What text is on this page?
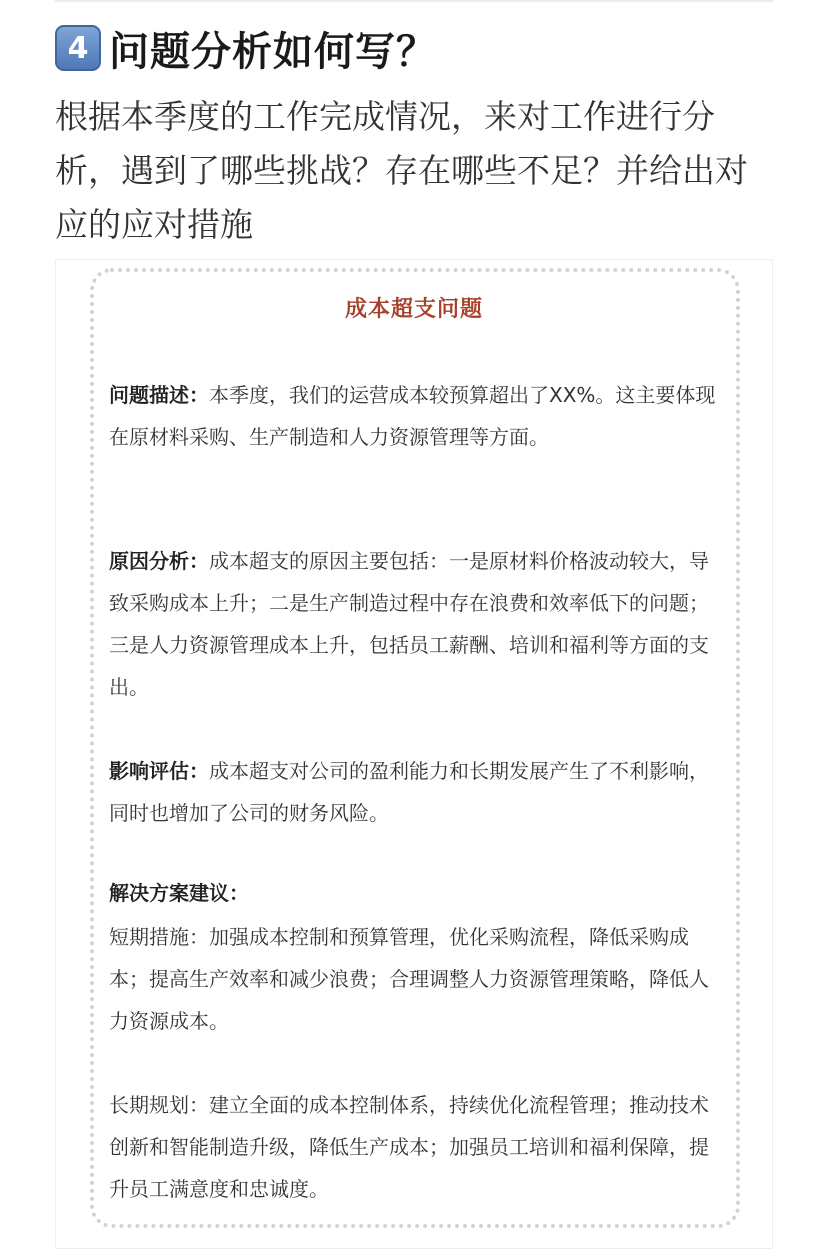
4 问题分析如何写？

根据本季度的工作完成情况，来对工作进行分析，遇到了哪些挑战？存在哪些不足？并给出对应的应对措施

成本超支问题

问题描述：本季度，我们的运营成本较预算超出了XX%。这主要体现在原材料采购、生产制造和人力资源管理等方面。

原因分析：成本超支的原因主要包括：一是原材料价格波动较大，导致采购成本上升；二是生产制造过程中存在浪费和效率低下的问题；三是人力资源管理成本上升，包括员工薪酬、培训和福利等方面的支出。

影响评估：成本超支对公司的盈利能力和长期发展产生了不利影响，同时也增加了公司的财务风险。

解决方案建议：

短期措施：加强成本控制和预算管理，优化采购流程，降低采购成本；提高生产效率和减少浪费；合理调整人力资源管理策略，降低人力资源成本。

长期规划：建立全面的成本控制体系，持续优化流程管理；推动技术创新和智能制造升级，降低生产成本；加强员工培训和福利保障，提升员工满意度和忠诚度。
